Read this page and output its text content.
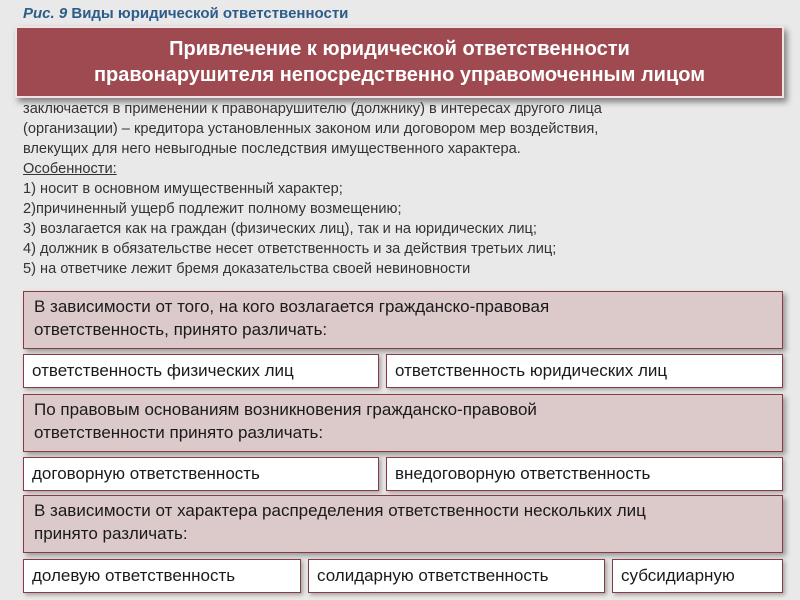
Рис. 9 Виды юридической ответственности
Привлечение к юридической ответственности
правонарушителя непосредственно управомоченным лицом
заключается в применении к правонарушителю (должнику) в интересах другого лица
(организации) – кредитора установленных законом или договором мер воздействия,
влекущих для него невыгодные последствия имущественного характера.
Особенности:
1) носит в основном имущественный характер;
2)причиненный ущерб подлежит полному возмещению;
3) возлагается как на граждан (физических лиц), так и на юридических лиц;
4) должник в обязательстве несет ответственность и за действия третьих лиц;
5) на ответчике лежит бремя доказательства своей невиновности
В зависимости от того, на кого возлагается гражданско-правовая
ответственность, принято различать:
ответственность физических лиц	ответственность юридических лиц
По правовым основаниям возникновения гражданско-правовой
ответственности принято различать:
договорную ответственность	внедоговорную ответственность
В зависимости от характера распределения ответственности нескольких лиц
принято различать:
долевую ответственность	солидарную ответственность	субсидиарную
